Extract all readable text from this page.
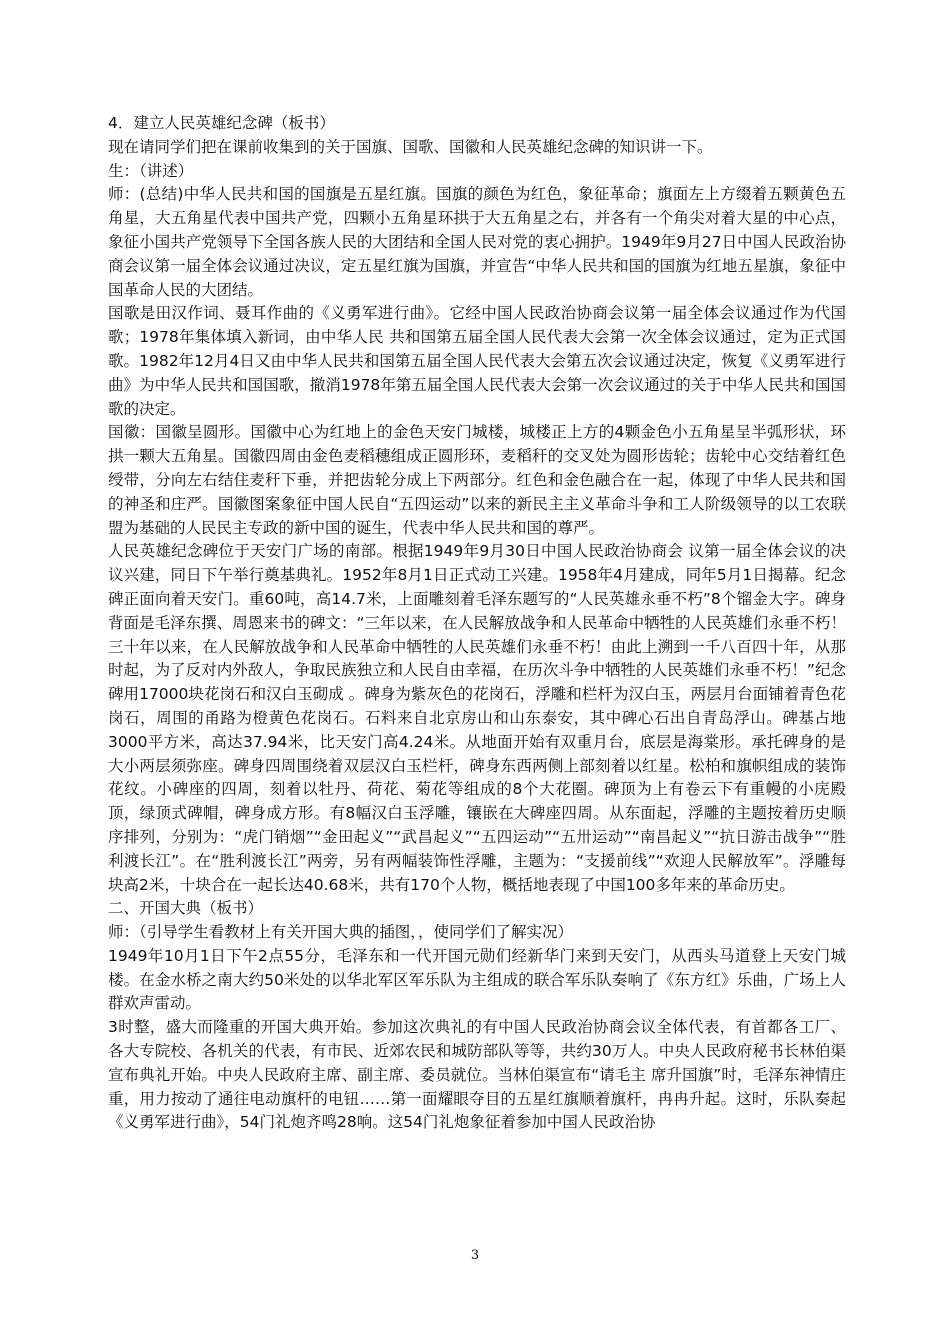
4．建立人民英雄纪念碑（板书）

现在请同学们把在课前收集到的关于国旗、国歌、国徽和人民英雄纪念碑的知识讲一下。

生：（讲述）

师：(总结)中华人民共和国的国旗是五星红旗。国旗的颜色为红色，象征革命；旗面左上方缀着五颗黄色五角星，大五角星代表中国共产党，四颗小五角星环拱于大五角星之右，并各有一个角尖对着大星的中心点，象征小国共产党领导下全国各族人民的大团结和全国人民对党的衷心拥护。1949年9月27日中国人民政治协商会议第一届全体会议通过决议，定五星红旗为国旗，并宣告“中华人民共和国的国旗为红地五星旗，象征中国革命人民的大团结。

国歌是田汉作词、聂耳作曲的《义勇军进行曲》。它经中国人民政治协商会议第一届全体会议通过作为代国歌；1978年集体填入新词，由中华人民 共和国第五届全国人民代表大会第一次全体会议通过，定为正式国歌。1982年12月4日又由中华人民共和国第五届全国人民代表大会第五次会议通过决定，恢复《义勇军进行曲》为中华人民共和国国歌，撤消1978年第五届全国人民代表大会第一次会议通过的关于中华人民共和国国歌的决定。

国徽：国徽呈圆形。国徽中心为红地上的金色天安门城楼，城楼正上方的4颗金色小五角星呈半弧形状，环拱一颗大五角星。国徽四周由金色麦稻穗组成正圆形环，麦稻秆的交叉处为圆形齿轮；齿轮中心交结着红色绶带，分向左右结住麦秆下垂，并把齿轮分成上下两部分。红色和金色融合在一起，体现了中华人民共和国的神圣和庄严。国徽图案象征中国人民自“五四运动”以来的新民主主义革命斗争和工人阶级领导的以工农联盟为基础的人民民主专政的新中国的诞生，代表中华人民共和国的尊严。

人民英雄纪念碑位于天安门广场的南部。根据1949年9月30日中国人民政治协商会 议第一届全体会议的决议兴建，同日下午举行奠基典礼。1952年8月1日正式动工兴建。1958年4月建成，同年5月1日揭幕。纪念碑正面向着天安门。重60吨，高14.7米，上面雕刻着毛泽东题写的“人民英雄永垂不朽”8个镏金大字。碑身背面是毛泽东撰、周恩来书的碑文：“三年以来，在人民解放战争和人民革命中牺牲的人民英雄们永垂不朽！三十年以来，在人民解放战争和人民革命中牺牲的人民英雄们永垂不朽！由此上溯到一千八百四十年，从那时起，为了反对内外敌人，争取民族独立和人民自由幸福，在历次斗争中牺牲的人民英雄们永垂不朽！”纪念碑用17000块花岗石和汉白玉砌成 。碑身为紫灰色的花岗石，浮雕和栏杆为汉白玉，两层月台面铺着青色花岗石，周围的甬路为橙黄色花岗石。石料来自北京房山和山东泰安，其中碑心石出自青岛浮山。碑基占地3000平方米，高达37.94米，比天安门高4.24米。从地面开始有双重月台，底层是海棠形。承托碑身的是大小两层须弥座。碑身四周围绕着双层汉白玉栏杆，碑身东西两侧上部刻着以红星。松柏和旗帜组成的装饰花纹。小碑座的四周，刻着以牡丹、荷花、菊花等组成的8个大花圈。碑顶为上有卷云下有重幔的小庑殿顶，绿顶式碑帽，碑身成方形。有8幅汉白玉浮雕，镶嵌在大碑座四周。从东面起，浮雕的主题按着历史顺序排列，分别为：“虎门销烟”“金田起义”“武昌起义”“五四运动”“五卅运动”“南昌起义”“抗日游击战争”“胜利渡长江”。在“胜利渡长江”两旁，另有两幅装饰性浮雕，主题为：“支援前线”“欢迎人民解放军”。浮雕每块高2米，十块合在一起长达40.68米，共有170个人物，概括地表现了中国100多年来的革命历史。

二、开国大典（板书）

师：（引导学生看教材上有关开国大典的插图，，使同学们了解实况）

1949年10月1日下午2点55分，毛泽东和一代开国元勋们经新华门来到天安门，从西头马道登上天安门城楼。在金水桥之南大约50米处的以华北军区军乐队为主组成的联合军乐队奏响了《东方红》乐曲，广场上人群欢声雷动。

3时整，盛大而隆重的开国大典开始。参加这次典礼的有中国人民政治协商会议全体代表，有首都各工厂、各大专院校、各机关的代表，有市民、近郊农民和城防部队等等，共约30万人。中央人民政府秘书长林伯渠宣布典礼开始。中央人民政府主席、副主席、委员就位。当林伯渠宣布“请毛主 席升国旗”时，毛泽东神情庄重，用力按动了通往电动旗杆的电钮……第一面耀眼夺目的五星红旗顺着旗杆，冉冉升起。这时，乐队奏起《义勇军进行曲》，54门礼炮齐鸣28响。这54门礼炮象征着参加中国人民政治协

3
